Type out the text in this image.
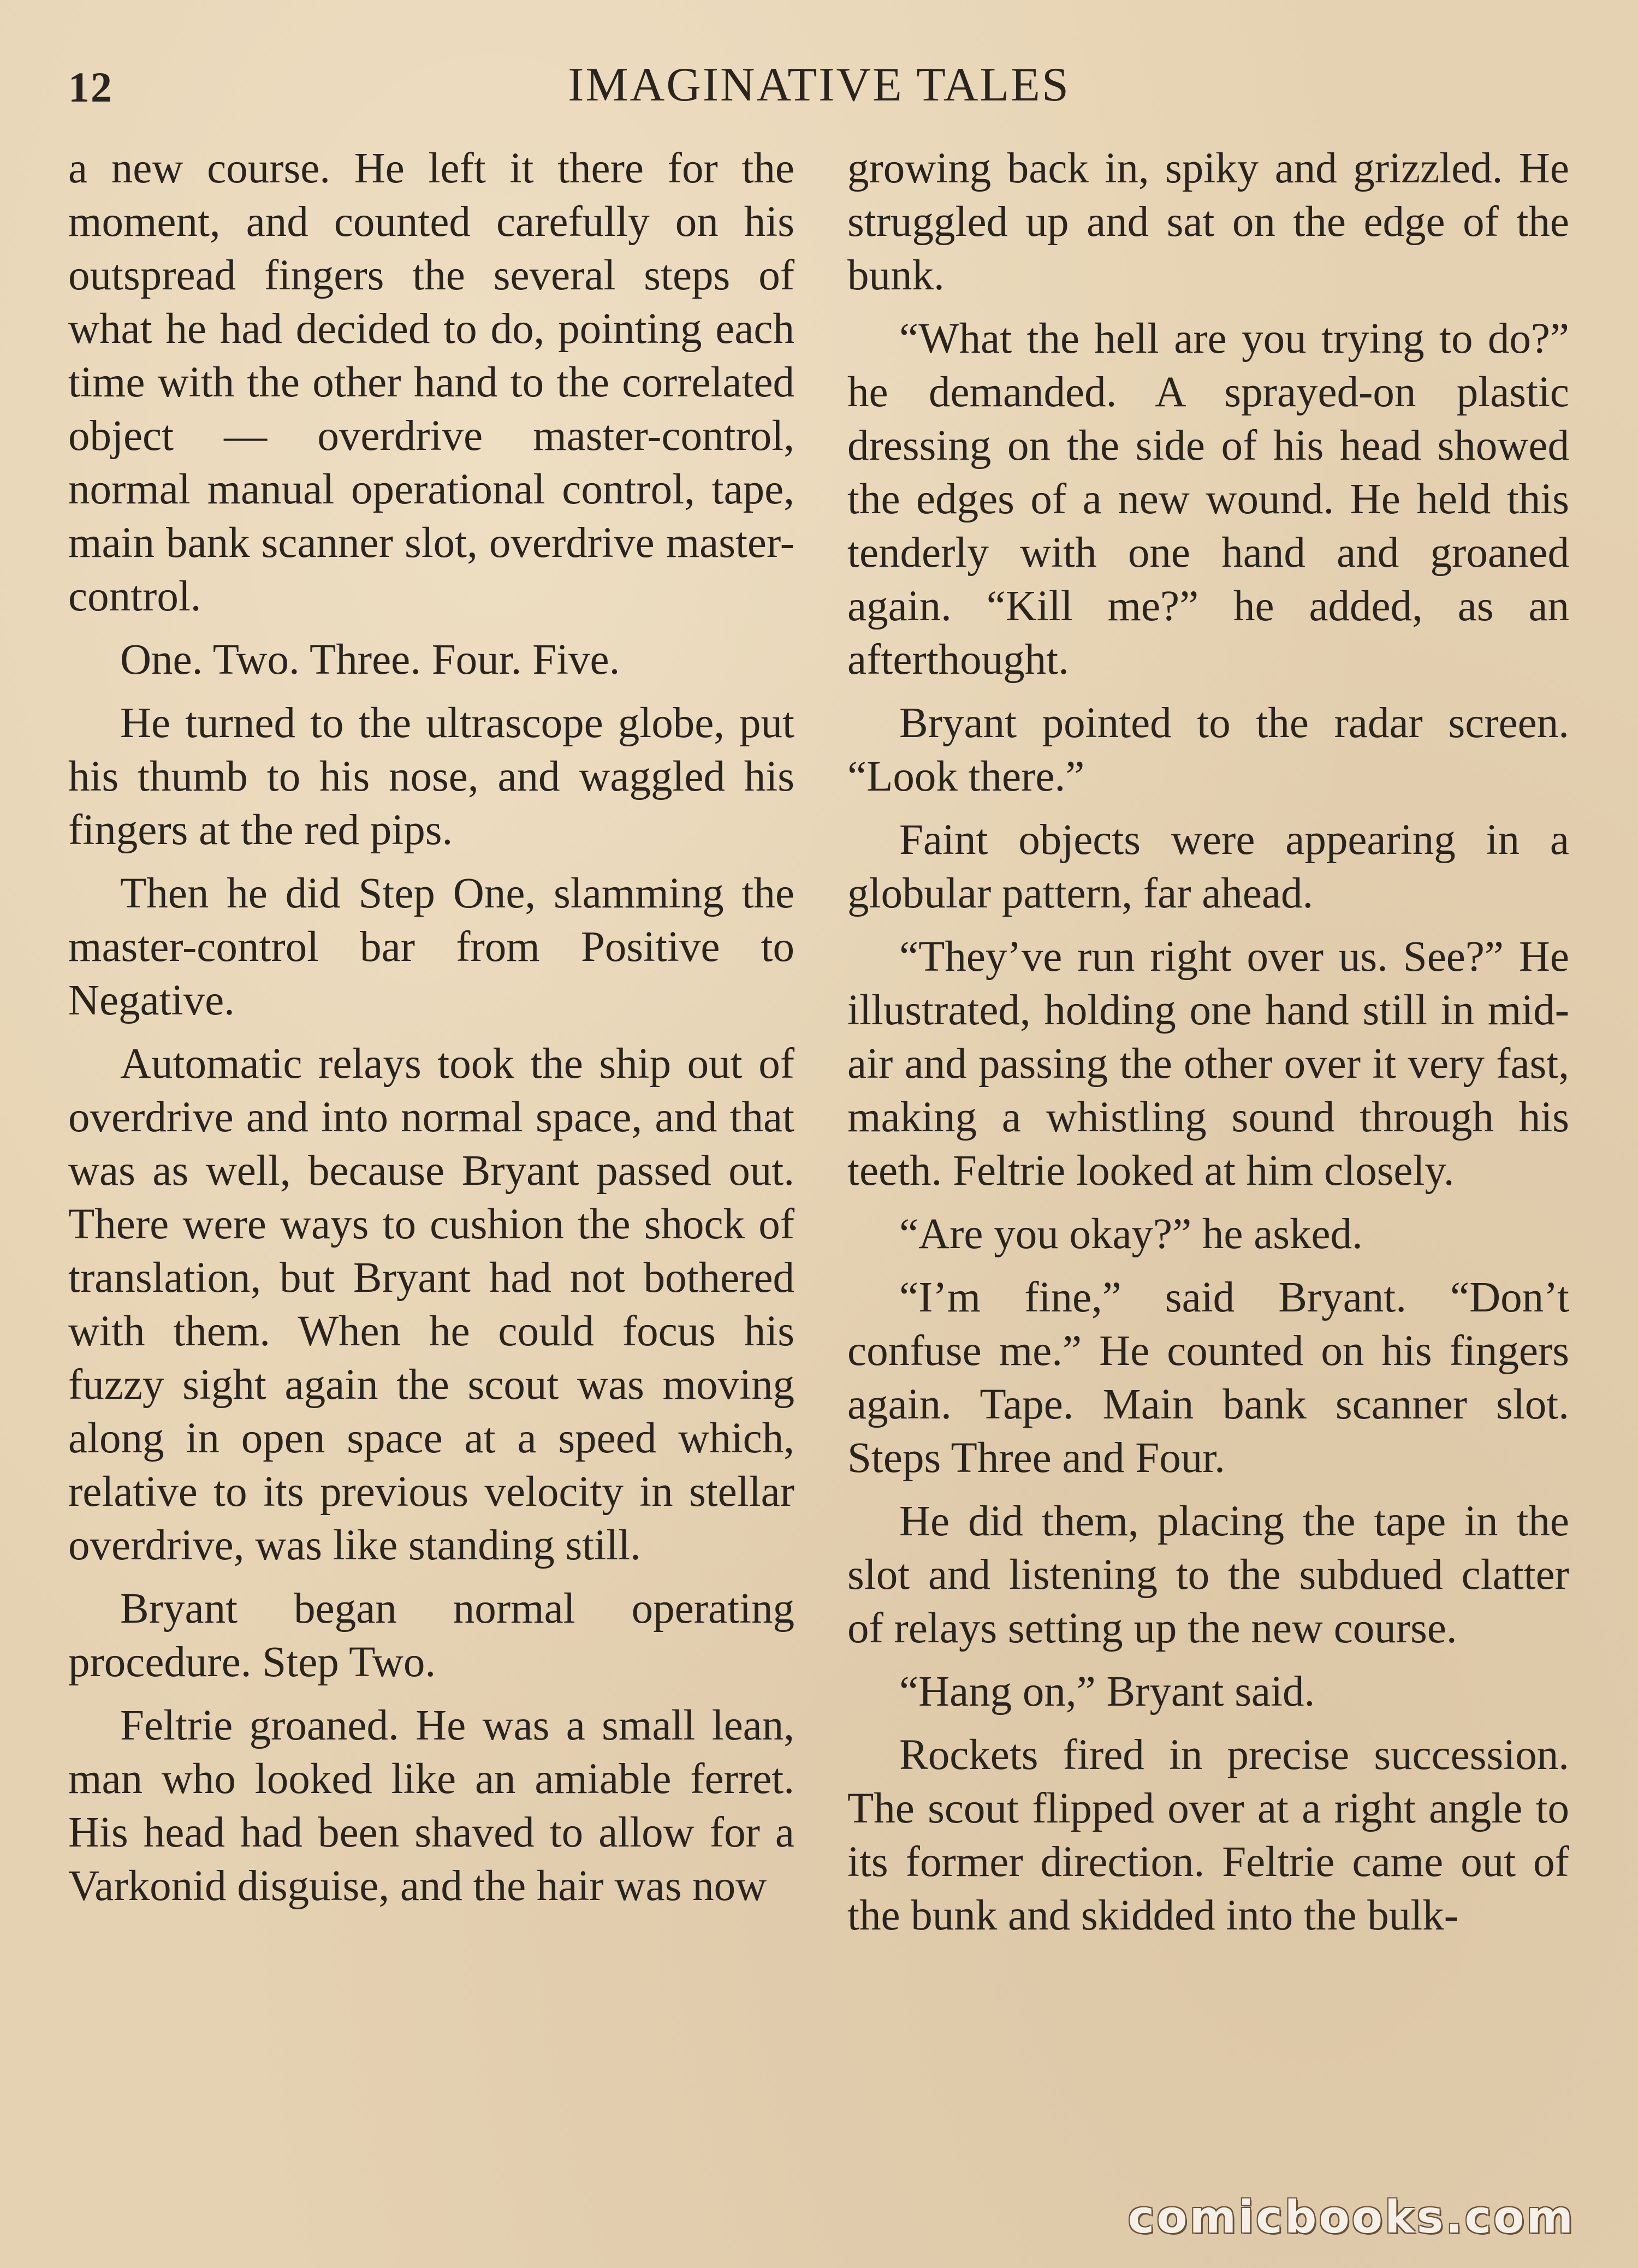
12	IMAGINATIVE TALES

a new course. He left it there for the moment, and counted carefully on his outspread fingers the several steps of what he had decided to do, pointing each time with the other hand to the correlated object — overdrive master-control, normal manual operational control, tape, main bank scanner slot, overdrive master-control.

One. Two. Three. Four. Five.

He turned to the ultrascope globe, put his thumb to his nose, and waggled his fingers at the red pips.

Then he did Step One, slamming the master-control bar from Positive to Negative.

Automatic relays took the ship out of overdrive and into normal space, and that was as well, because Bryant passed out. There were ways to cushion the shock of translation, but Bryant had not bothered with them. When he could focus his fuzzy sight again the scout was moving along in open space at a speed which, relative to its previous velocity in stellar overdrive, was like standing still.

Bryant began normal operating procedure. Step Two.

Feltrie groaned. He was a small lean, man who looked like an amiable ferret. His head had been shaved to allow for a Varkonid disguise, and the hair was now

growing back in, spiky and grizzled. He struggled up and sat on the edge of the bunk.

“What the hell are you trying to do?” he demanded. A sprayed-on plastic dressing on the side of his head showed the edges of a new wound. He held this tenderly with one hand and groaned again. “Kill me?” he added, as an afterthought.

Bryant pointed to the radar screen. “Look there.”

Faint objects were appearing in a globular pattern, far ahead.

“They’ve run right over us. See?” He illustrated, holding one hand still in mid-air and passing the other over it very fast, making a whistling sound through his teeth. Feltrie looked at him closely.

“Are you okay?” he asked.

“I’m fine,” said Bryant. “Don’t confuse me.” He counted on his fingers again. Tape. Main bank scanner slot. Steps Three and Four.

He did them, placing the tape in the slot and listening to the subdued clatter of relays setting up the new course.

“Hang on,” Bryant said.

Rockets fired in precise succession. The scout flipped over at a right angle to its former direction. Feltrie came out of the bunk and skidded into the bulk-

comicbooks.com
